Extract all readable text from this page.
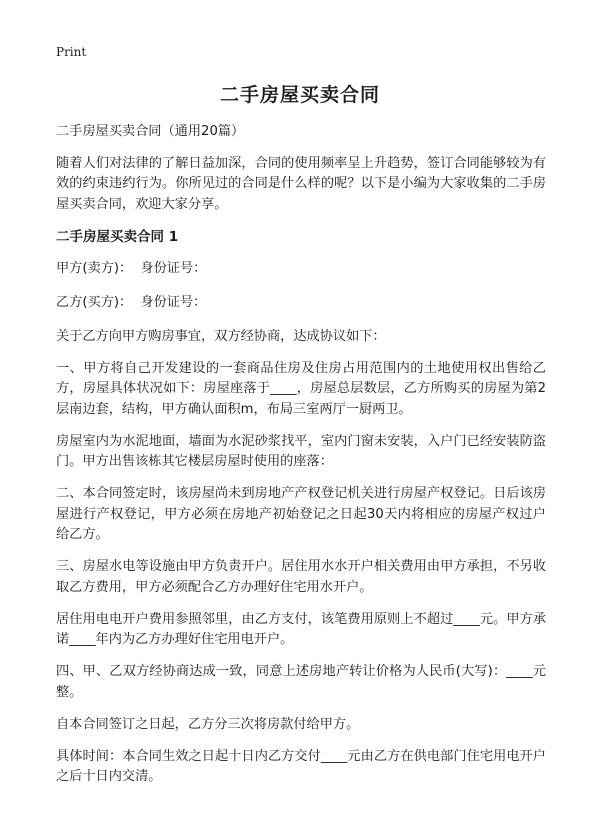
Print
二手房屋买卖合同

二手房屋买卖合同（通用20篇）

随着人们对法律的了解日益加深，合同的使用频率呈上升趋势，签订合同能够较为有效的约束违约行为。你所见过的合同是什么样的呢？以下是小编为大家收集的二手房屋买卖合同，欢迎大家分享。

二手房屋买卖合同 1
甲方(卖方)： 身份证号：
乙方(买方)： 身份证号：

关于乙方向甲方购房事宜，双方经协商，达成协议如下：

一、甲方将自己开发建设的一套商品住房及住房占用范围内的土地使用权出售给乙方，房屋具体状况如下：房屋座落于____，房屋总层数层，乙方所购买的房屋为第2层南边套，结构，甲方确认面积m，布局三室两厅一厨两卫。

房屋室内为水泥地面，墙面为水泥砂浆找平，室内门窗未安装，入户门已经安装防盗门。甲方出售该栋其它楼层房屋时使用的座落：

二、本合同签定时，该房屋尚未到房地产产权登记机关进行房屋产权登记。日后该房屋进行产权登记，甲方必须在房地产初始登记之日起30天内将相应的房屋产权过户给乙方。

三、房屋水电等设施由甲方负责开户。居住用水水开户相关费用由甲方承担，不另收取乙方费用，甲方必须配合乙方办理好住宅用水开户。

居住用电电开户费用参照邻里，由乙方支付，该笔费用原则上不超过____元。甲方承诺____年内为乙方办理好住宅用电开户。

四、甲、乙双方经协商达成一致，同意上述房地产转让价格为人民币(大写)：____元整。

自本合同签订之日起，乙方分三次将房款付给甲方。

具体时间：本合同生效之日起十日内乙方交付____元由乙方在供电部门住宅用电开户之后十日内交清。
